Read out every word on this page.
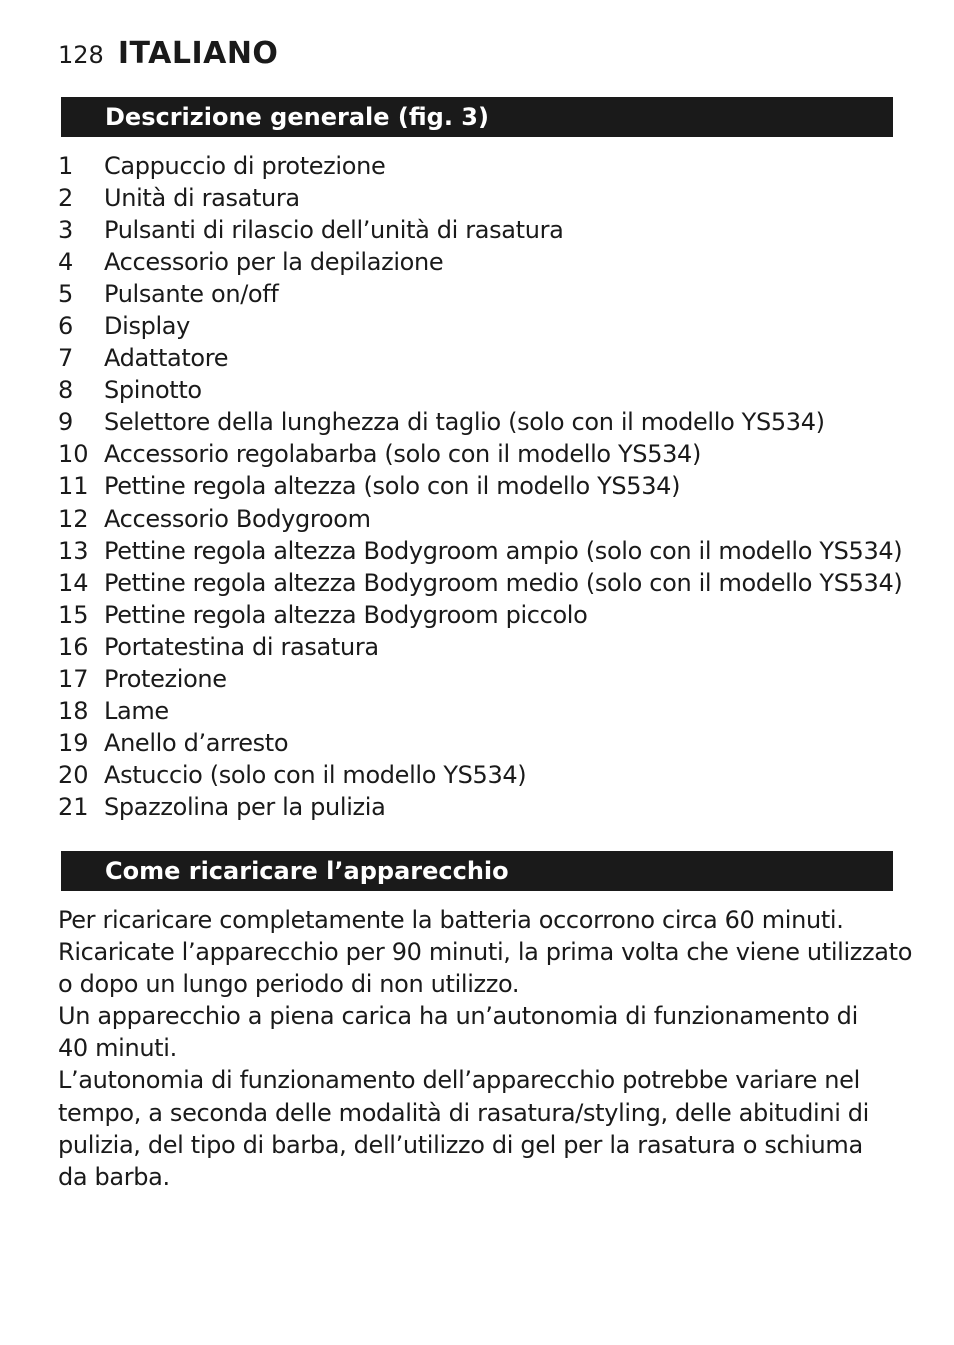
128 ITALIANO
Descrizione generale (fig. 3)
1	Cappuccio di protezione
2	Unità di rasatura
3	Pulsanti di rilascio dell’unità di rasatura
4	Accessorio per la depilazione
5	Pulsante on/off
6	Display
7	Adattatore
8	Spinotto
9	Selettore della lunghezza di taglio (solo con il modello YS534)
10 Accessorio regolabarba (solo con il modello YS534)
11 Pettine regola altezza (solo con il modello YS534)
12 Accessorio Bodygroom
13 Pettine regola altezza Bodygroom ampio (solo con il modello YS534)
14 Pettine regola altezza Bodygroom medio (solo con il modello YS534)
15 Pettine regola altezza Bodygroom piccolo
16 Portatestina di rasatura
17 Protezione
18 Lame
19 Anello d’arresto
20 Astuccio (solo con il modello YS534)
21 Spazzolina per la pulizia
Come ricaricare l’apparecchio

Per ricaricare completamente la batteria occorrono circa 60 minuti.
Ricaricate l’apparecchio per 90 minuti, la prima volta che viene utilizzato
o dopo un lungo periodo di non utilizzo.
Un apparecchio a piena carica ha un’autonomia di funzionamento di
40 minuti.
L’autonomia di funzionamento dell’apparecchio potrebbe variare nel
tempo, a seconda delle modalità di rasatura/styling, delle abitudini di
pulizia, del tipo di barba, dell’utilizzo di gel per la rasatura o schiuma
da barba.
